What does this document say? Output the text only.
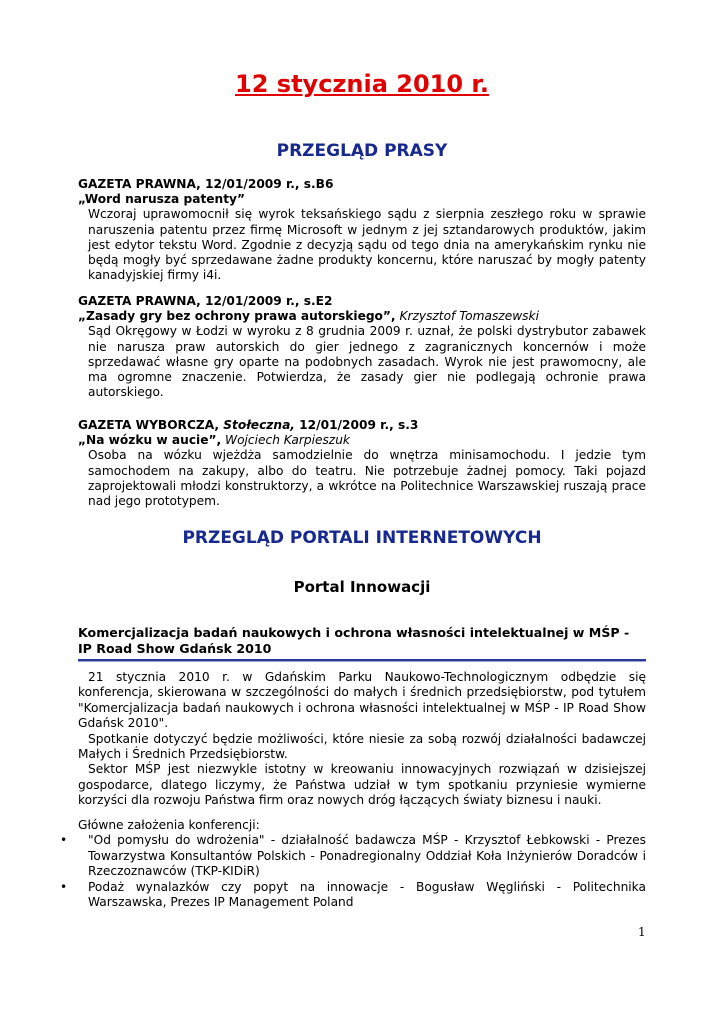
12 stycznia 2010 r.
PRZEGLĄD PRASY
GAZETA PRAWNA, 12/01/2009 r., s.B6
„Word narusza patenty”
Wczoraj uprawomocnił się wyrok teksańskiego sądu z sierpnia zeszłego roku w sprawie naruszenia patentu przez firmę Microsoft w jednym z jej sztandarowych produktów, jakim jest edytor tekstu Word. Zgodnie z decyzją sądu od tego dnia na amerykańskim rynku nie będą mogły być sprzedawane żadne produkty koncernu, które naruszać by mogły patenty kanadyjskiej firmy i4i.
GAZETA PRAWNA, 12/01/2009 r., s.E2
„Zasady gry bez ochrony prawa autorskiego”, Krzysztof Tomaszewski
Sąd Okręgowy w Łodzi w wyroku z 8 grudnia 2009 r. uznał, że polski dystrybutor zabawek nie narusza praw autorskich do gier jednego z zagranicznych koncernów i może sprzedawać własne gry oparte na podobnych zasadach. Wyrok nie jest prawomocny, ale ma ogromne znaczenie. Potwierdza, że zasady gier nie podlegają ochronie prawa autorskiego.
GAZETA WYBORCZA, Stołeczna, 12/01/2009 r., s.3
„Na wózku w aucie”, Wojciech Karpieszuk
Osoba na wózku wjeżdża samodzielnie do wnętrza minisamochodu. I jedzie tym samochodem na zakupy, albo do teatru. Nie potrzebuje żadnej pomocy. Taki pojazd zaprojektowali młodzi konstruktorzy, a wkrótce na Politechnice Warszawskiej ruszają prace nad jego prototypem.
PRZEGLĄD PORTALI INTERNETOWYCH
Portal Innowacji
Komercjalizacja badań naukowych i ochrona własności intelektualnej w MŚP - IP Road Show Gdańsk 2010

21 stycznia 2010 r. w Gdańskim Parku Naukowo-Technologicznym odbędzie się konferencja, skierowana w szczególności do małych i średnich przedsiębiorstw, pod tytułem "Komercjalizacja badań naukowych i ochrona własności intelektualnej w MŚP - IP Road Show Gdańsk 2010".

Spotkanie dotyczyć będzie możliwości, które niesie za sobą rozwój działalności badawczej Małych i Średnich Przedsiębiorstw.

Sektor MŚP jest niezwykle istotny w kreowaniu innowacyjnych rozwiązań w dzisiejszej gospodarce, dlatego liczymy, że Państwa udział w tym spotkaniu przyniesie wymierne korzyści dla rozwoju Państwa firm oraz nowych dróg łączących światy biznesu i nauki.

Główne założenia konferencji:

• "Od pomysłu do wdrożenia" - działalność badawcza MŚP - Krzysztof Łebkowski - Prezes Towarzystwa Konsultantów Polskich - Ponadregionalny Oddział Koła Inżynierów Doradców i Rzeczoznawców (TKP-KIDiR)
• Podaż wynalazków czy popyt na innowacje - Bogusław Węgliński - Politechnika Warszawska, Prezes IP Management Poland
1
